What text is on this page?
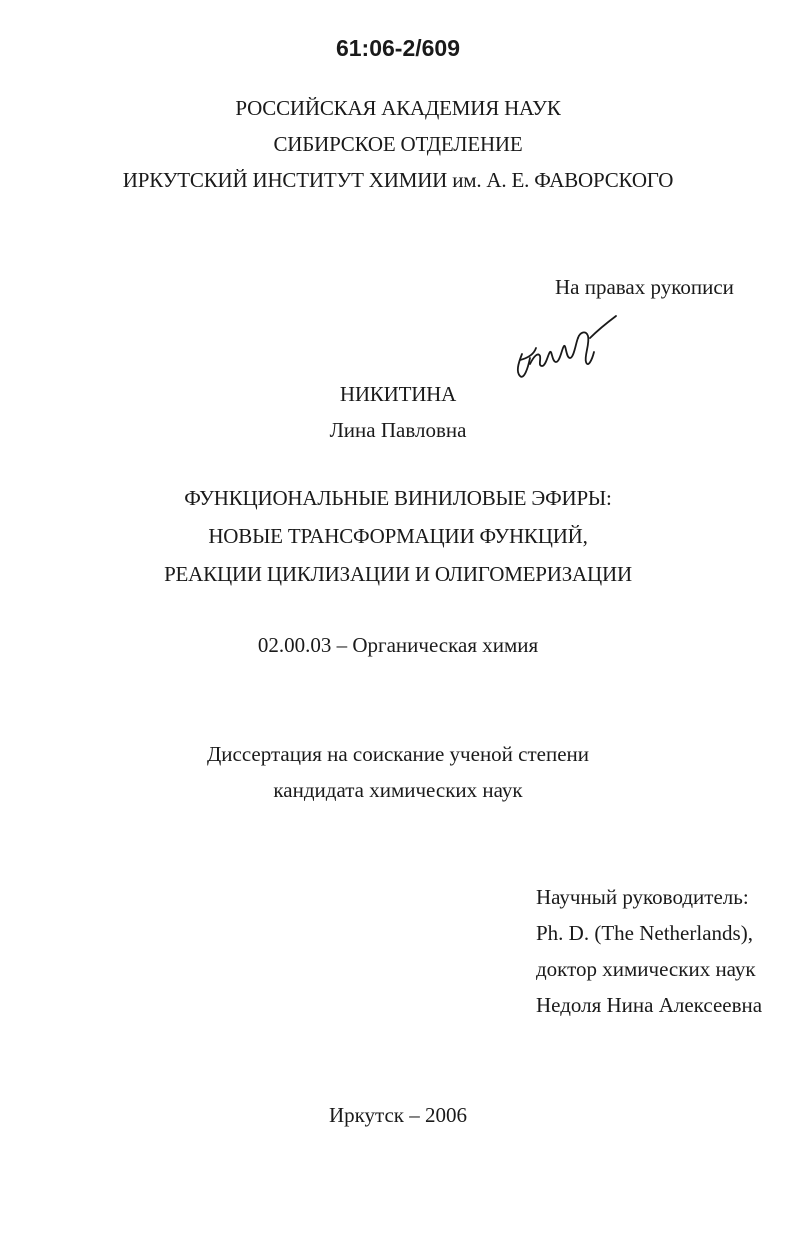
61:06-2/609
РОССИЙСКАЯ АКАДЕМИЯ НАУК
СИБИРСКОЕ ОТДЕЛЕНИЕ
ИРКУТСКИЙ ИНСТИТУТ ХИМИИ им. А. Е. ФАВОРСКОГО
На правах рукописи
НИКИТИНА
Лина Павловна
ФУНКЦИОНАЛЬНЫЕ ВИНИЛОВЫЕ ЭФИРЫ:
НОВЫЕ ТРАНСФОРМАЦИИ ФУНКЦИЙ,
РЕАКЦИИ ЦИКЛИЗАЦИИ И ОЛИГОМЕРИЗАЦИИ
02.00.03 – Органическая химия
Диссертация на соискание ученой степени
кандидата химических наук
Научный руководитель:
Ph. D. (The Netherlands),
доктор химических наук
Недоля Нина Алексеевна
Иркутск – 2006
